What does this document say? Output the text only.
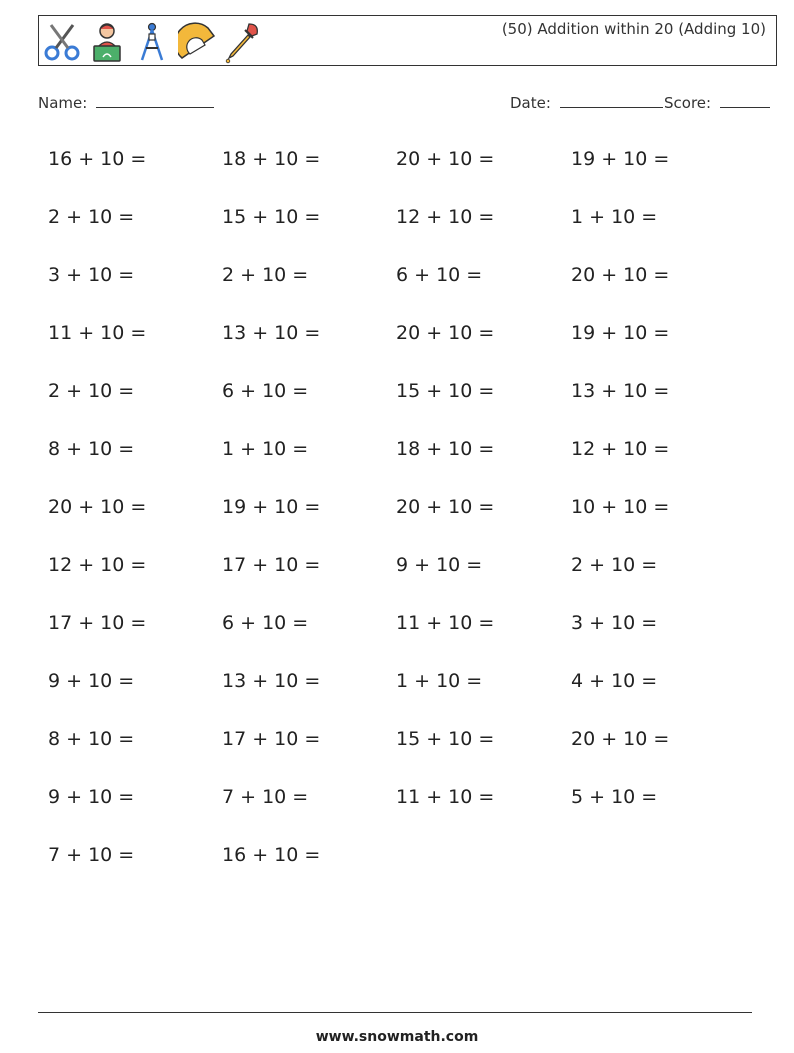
(50) Addition within 20 (Adding 10)
Name:	Date:	Score:
16 + 10 =	18 + 10 =	20 + 10 =	19 + 10 =
2 + 10 =	15 + 10 =	12 + 10 =	1 + 10 =
3 + 10 =	2 + 10 =	6 + 10 =	20 + 10 =
11 + 10 =	13 + 10 =	20 + 10 =	19 + 10 =
2 + 10 =	6 + 10 =	15 + 10 =	13 + 10 =
8 + 10 =	1 + 10 =	18 + 10 =	12 + 10 =
20 + 10 =	19 + 10 =	20 + 10 =	10 + 10 =
12 + 10 =	17 + 10 =	9 + 10 =	2 + 10 =
17 + 10 =	6 + 10 =	11 + 10 =	3 + 10 =
9 + 10 =	13 + 10 =	1 + 10 =	4 + 10 =
8 + 10 =	17 + 10 =	15 + 10 =	20 + 10 =
9 + 10 =	7 + 10 =	11 + 10 =	5 + 10 =
7 + 10 =	16 + 10 =
www.snowmath.com
